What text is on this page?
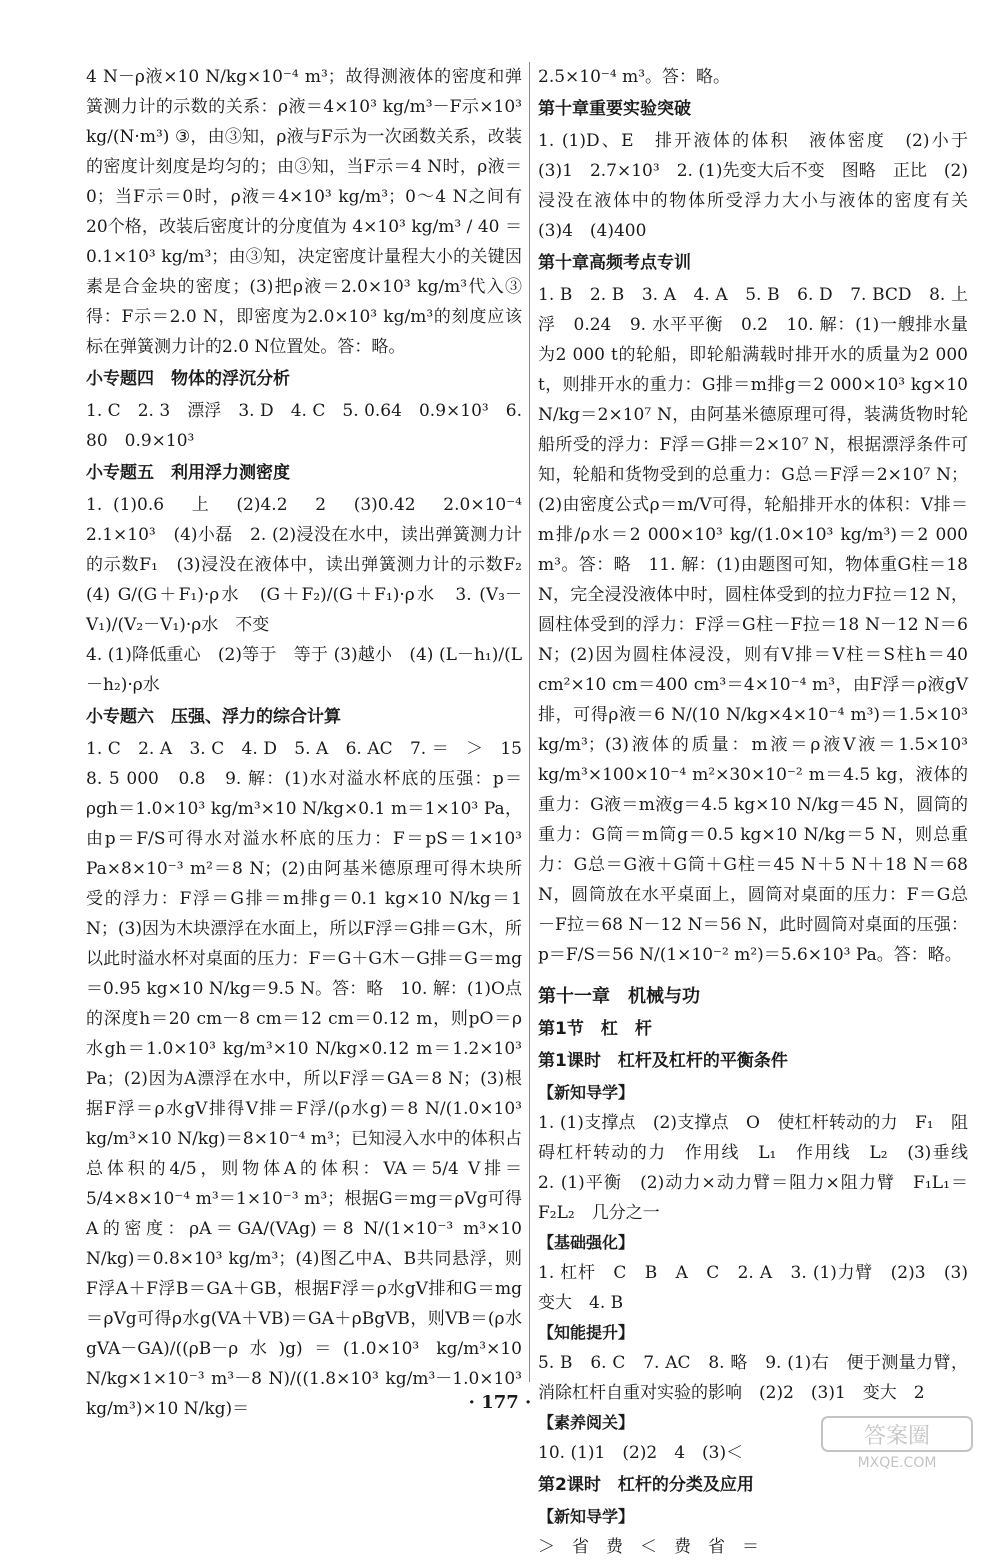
4 N－ρ液×10 N/kg×10⁻⁴ m³；故得测液体的密度和弹簧测力计的示数的关系：ρ液＝4×10³ kg/m³－F示×10³ kg/(N·m³) ③，由③知，ρ液与F示为一次函数关系，改装的密度计刻度是均匀的；由③知，当F示＝4 N时，ρ液＝0；当F示＝0时，ρ液＝4×10³ kg/m³；0～4 N之间有20个格，改装后密度计的分度值为 4×10³ kg/m³ / 40 ＝0.1×10³ kg/m³；由③知，决定密度计量程大小的关键因素是合金块的密度；(3)把ρ液＝2.0×10³ kg/m³代入③得：F示＝2.0 N，即密度为2.0×10³ kg/m³的刻度应该标在弹簧测力计的2.0 N位置处。答：略。

小专题四　物体的浮沉分析

1. C　2. 3　漂浮　3. D　4. C　5. 0.64　0.9×10³　6. 80　0.9×10³

小专题五　利用浮力测密度

1. (1)0.6　上　(2)4.2　2　(3)0.42　2.0×10⁻⁴　2.1×10³　(4)小磊　2. (2)浸没在水中，读出弹簧测力计的示数F₁　(3)浸没在液体中，读出弹簧测力计的示数F₂　(4) G/(G＋F₁)·ρ水　(G＋F₂)/(G＋F₁)·ρ水　3. (V₃－V₁)/(V₂－V₁)·ρ水　不变

4. (1)降低重心　(2)等于　等于 (3)越小　(4) (L－h₁)/(L－h₂)·ρ水

小专题六　压强、浮力的综合计算

1. C　2. A　3. C　4. D　5. A　6. AC　7. ＝　＞　15　8. 5 000　0.8　9. 解：(1)水对溢水杯底的压强：p＝ρgh＝1.0×10³ kg/m³×10 N/kg×0.1 m＝1×10³ Pa，由p＝F/S可得水对溢水杯底的压力：F＝pS＝1×10³ Pa×8×10⁻³ m²＝8 N；(2)由阿基米德原理可得木块所受的浮力：F浮＝G排＝m排g＝0.1 kg×10 N/kg＝1 N；(3)因为木块漂浮在水面上，所以F浮＝G排＝G木，所以此时溢水杯对桌面的压力：F＝G＋G木－G排＝G＝mg＝0.95 kg×10 N/kg＝9.5 N。答：略　10. 解：(1)O点的深度h＝20 cm－8 cm＝12 cm＝0.12 m，则pO＝ρ水gh＝1.0×10³ kg/m³×10 N/kg×0.12 m＝1.2×10³ Pa；(2)因为A漂浮在水中，所以F浮＝GA＝8 N；(3)根据F浮＝ρ水gV排得V排＝F浮/(ρ水g)＝8 N/(1.0×10³ kg/m³×10 N/kg)＝8×10⁻⁴ m³；已知浸入水中的体积占总体积的4/5，则物体A的体积：VA＝5/4 V排＝5/4×8×10⁻⁴ m³＝1×10⁻³ m³；根据G＝mg＝ρVg可得A的密度：ρA＝GA/(VAg)＝8 N/(1×10⁻³ m³×10 N/kg)＝0.8×10³ kg/m³；(4)图乙中A、B共同悬浮，则F浮A＋F浮B＝GA＋GB，根据F浮＝ρ水gV排和G＝mg＝ρVg可得ρ水g(VA＋VB)＝GA＋ρBgVB，则VB＝(ρ水gVA－GA)/((ρB－ρ水)g)＝(1.0×10³ kg/m³×10 N/kg×1×10⁻³ m³－8 N)/((1.8×10³ kg/m³－1.0×10³ kg/m³)×10 N/kg)＝

2.5×10⁻⁴ m³。答：略。

第十章重要实验突破

1. (1)D、E　排开液体的体积　液体密度　(2)小于　(3)1　2.7×10³　2. (1)先变大后不变　图略　正比　(2)浸没在液体中的物体所受浮力大小与液体的密度有关　(3)4　(4)400

第十章高频考点专训

1. B　2. B　3. A　4. A　5. B　6. D　7. BCD　8. 上浮　0.24　9. 水平平衡　0.2　10. 解：(1)一艘排水量为2 000 t的轮船，即轮船满载时排开水的质量为2 000 t，则排开水的重力：G排＝m排g＝2 000×10³ kg×10 N/kg＝2×10⁷ N，由阿基米德原理可得，装满货物时轮船所受的浮力：F浮＝G排＝2×10⁷ N，根据漂浮条件可知，轮船和货物受到的总重力：G总＝F浮＝2×10⁷ N；(2)由密度公式ρ＝m/V可得，轮船排开水的体积：V排＝m排/ρ水＝2 000×10³ kg/(1.0×10³ kg/m³)＝2 000 m³。答：略　11. 解：(1)由题图可知，物体重G柱＝18 N，完全浸没液体中时，圆柱体受到的拉力F拉＝12 N，圆柱体受到的浮力：F浮＝G柱－F拉＝18 N－12 N＝6 N；(2)因为圆柱体浸没，则有V排＝V柱＝S柱h＝40 cm²×10 cm＝400 cm³＝4×10⁻⁴ m³，由F浮＝ρ液gV排，可得ρ液＝6 N/(10 N/kg×4×10⁻⁴ m³)＝1.5×10³ kg/m³；(3)液体的质量：m液＝ρ液V液＝1.5×10³ kg/m³×100×10⁻⁴ m²×30×10⁻² m＝4.5 kg，液体的重力：G液＝m液g＝4.5 kg×10 N/kg＝45 N，圆筒的重力：G筒＝m筒g＝0.5 kg×10 N/kg＝5 N，则总重力：G总＝G液＋G筒＋G柱＝45 N＋5 N＋18 N＝68 N，圆筒放在水平桌面上，圆筒对桌面的压力：F＝G总－F拉＝68 N－12 N＝56 N，此时圆筒对桌面的压强：p＝F/S＝56 N/(1×10⁻² m²)＝5.6×10³ Pa。答：略。

第十一章　机械与功

第1节　杠　杆

第1课时　杠杆及杠杆的平衡条件

【新知导学】

1. (1)支撑点　(2)支撑点　O　使杠杆转动的力　F₁　阻碍杠杆转动的力　作用线　L₁　作用线　L₂　(3)垂线　2. (1)平衡　(2)动力×动力臂＝阻力×阻力臂　F₁L₁＝F₂L₂　几分之一

【基础强化】

1. 杠杆　C　B　A　C　2. A　3. (1)力臂　(2)3　(3)变大　4. B

【知能提升】

5. B　6. C　7. AC　8. 略　9. (1)右　便于测量力臂，消除杠杆自重对实验的影响　(2)2　(3)1　变大　2

【素养阅关】

10. (1)1　(2)2　4　(3)＜

第2课时　杠杆的分类及应用

【新知导学】

＞　省　费　＜　费　省　＝

· 177 ·
答案圈
MXQE.COM
